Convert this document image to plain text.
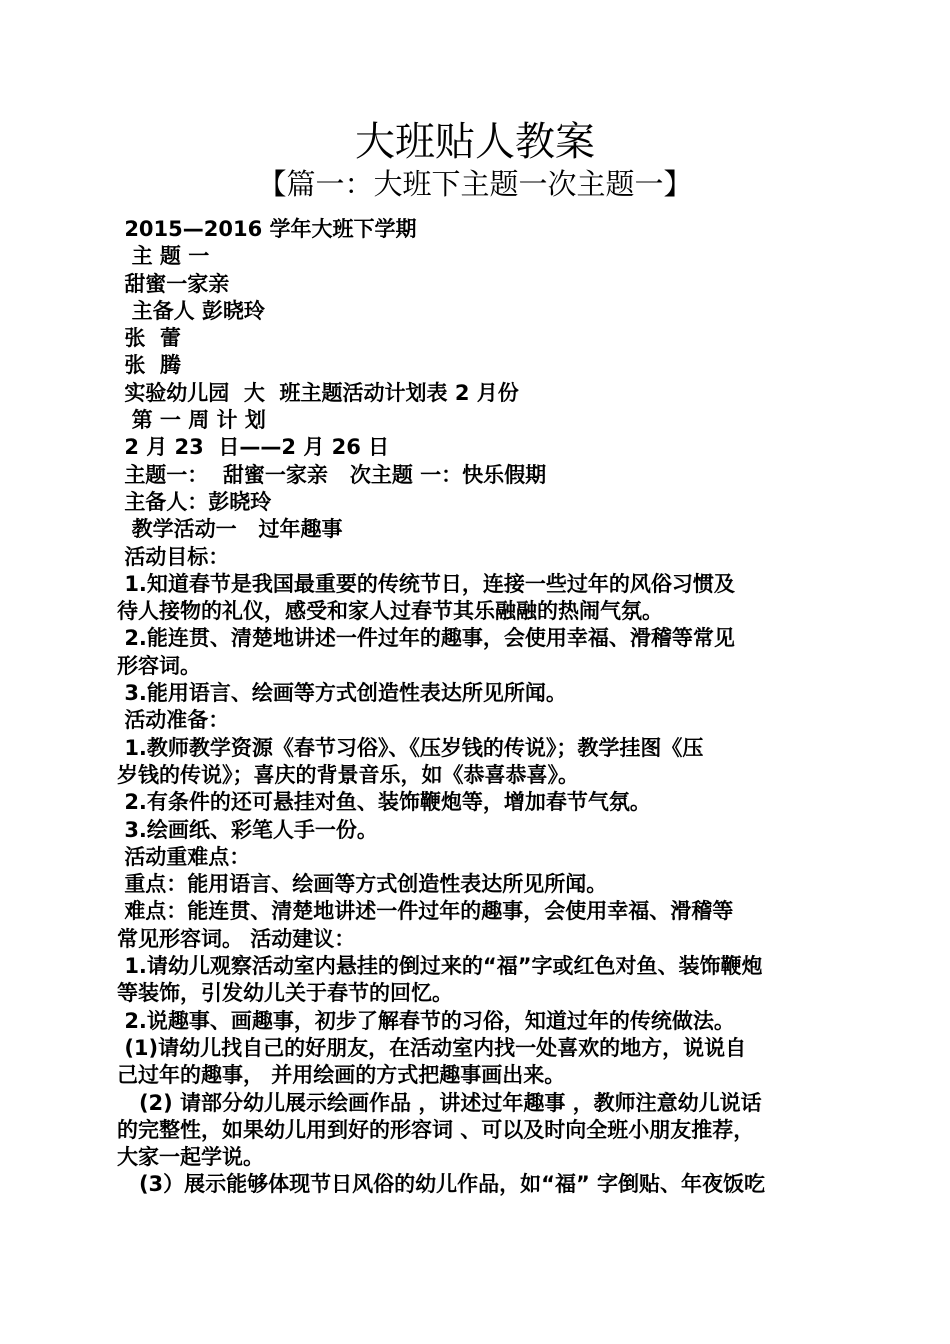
大班贴人教案
【篇一：大班下主题一次主题一】
2015—2016 学年大班下学期
主 题 一
甜蜜一家亲
主备人 彭晓玲
张  蕾
张  腾
实验幼儿园  大  班主题活动计划表 2 月份
第 一 周 计 划
2 月 23  日——2 月 26 日
主题一：  甜蜜一家亲   次主题 一：快乐假期
主备人：彭晓玲
教学活动一   过年趣事
活动目标：
1.知道春节是我国最重要的传统节日，连接一些过年的风俗习惯及
待人接物的礼仪，感受和家人过春节其乐融融的热闹气氛。
2.能连贯、清楚地讲述一件过年的趣事，会使用幸福、滑稽等常见
形容词。
3.能用语言、绘画等方式创造性表达所见所闻。
活动准备：
1.教师教学资源《春节习俗》、《压岁钱的传说》；教学挂图《压
岁钱的传说》；喜庆的背景音乐，如《恭喜恭喜》。
2.有条件的还可悬挂对鱼、装饰鞭炮等，增加春节气氛。
3.绘画纸、彩笔人手一份。
活动重难点：
重点：能用语言、绘画等方式创造性表达所见所闻。
难点：能连贯、清楚地讲述一件过年的趣事，会使用幸福、滑稽等
常见形容词。 活动建议：
1.请幼儿观察活动室内悬挂的倒过来的“福”字或红色对鱼、装饰鞭炮
等装饰，引发幼儿关于春节的回忆。
2.说趣事、画趣事，初步了解春节的习俗，知道过年的传统做法。
(1)请幼儿找自己的好朋友，在活动室内找一处喜欢的地方，说说自
己过年的趣事， 并用绘画的方式把趣事画出来。
(2) 请部分幼儿展示绘画作品 ，讲述过年趣事 ，教师注意幼儿说话
的完整性，如果幼儿用到好的形容词 、可以及时向全班小朋友推荐，
大家一起学说。
(3）展示能够体现节日风俗的幼儿作品，如“福” 字倒贴、年夜饭吃
